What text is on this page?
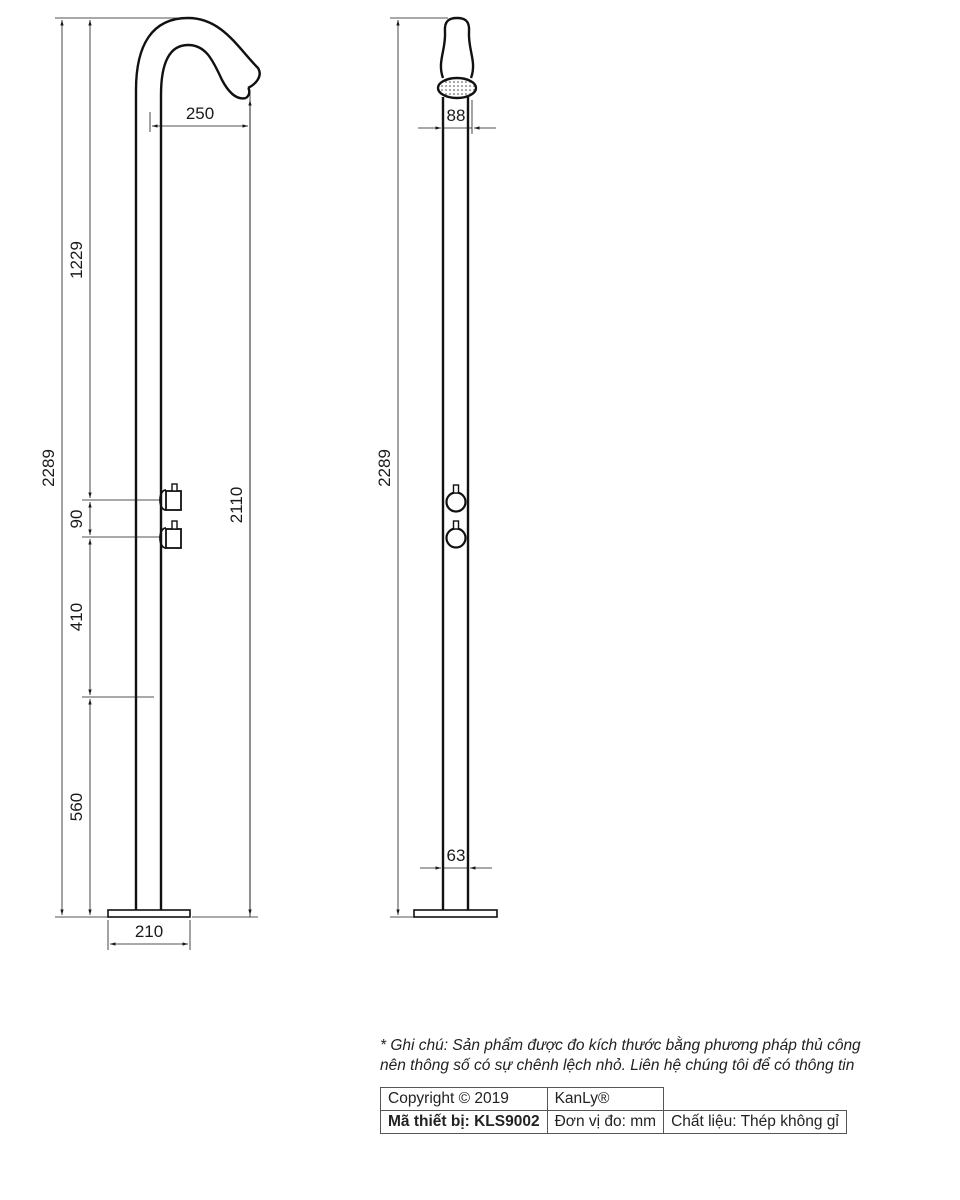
2289
1229
90
410
560
2110
250
210
2289
88
63
* Ghi chú: Sản phẩm được đo kích thước bằng phương pháp thủ công
nên thông số có sự chênh lệch nhỏ. Liên hệ chúng tôi để có thông tin
Copyright © 2019	KanLy®	
Mã thiết bị: KLS9002	Đơn vị đo: mm	Chất liệu: Thép không gỉ
